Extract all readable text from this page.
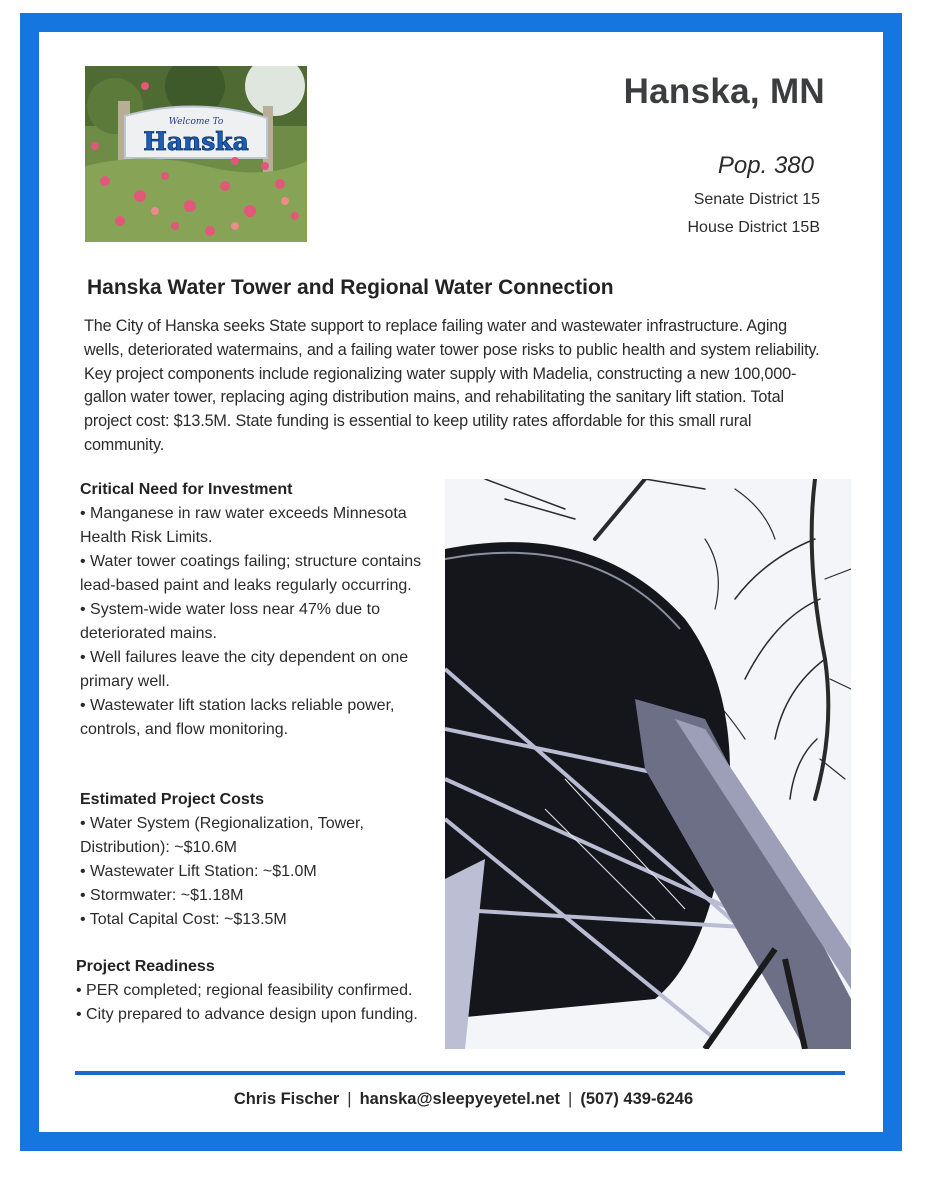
Welcome To
Hanska
Hanska, MN
Pop. 380
Senate District 15
House District 15B
Hanska Water Tower and Regional Water Connection
The City of Hanska seeks State support to replace failing water and wastewater infrastructure. Aging wells, deteriorated watermains, and a failing water tower pose risks to public health and system reliability. Key project components include regionalizing water supply with Madelia, constructing a new 100,000-gallon water tower, replacing aging distribution mains, and rehabilitating the sanitary lift station. Total project cost: $13.5M. State funding is essential to keep utility rates affordable for this small rural community.
Critical Need for Investment

• Manganese in raw water exceeds Minnesota Health Risk Limits.

• Water tower coatings failing; structure contains lead-based paint and leaks regularly occurring.

• System-wide water loss near 47% due to deteriorated mains.

• Well failures leave the city dependent on one primary well.

• Wastewater lift station lacks reliable power, controls, and flow monitoring.

Estimated Project Costs

• Water System (Regionalization, Tower, Distribution): ~$10.6M

• Wastewater Lift Station: ~$1.0M

• Stormwater: ~$1.18M

• Total Capital Cost: ~$13.5M

Project Readiness

• PER completed; regional feasibility confirmed.

• City prepared to advance design upon funding.

Chris Fischer | hanska@sleepyeyetel.net | (507) 439-6246
